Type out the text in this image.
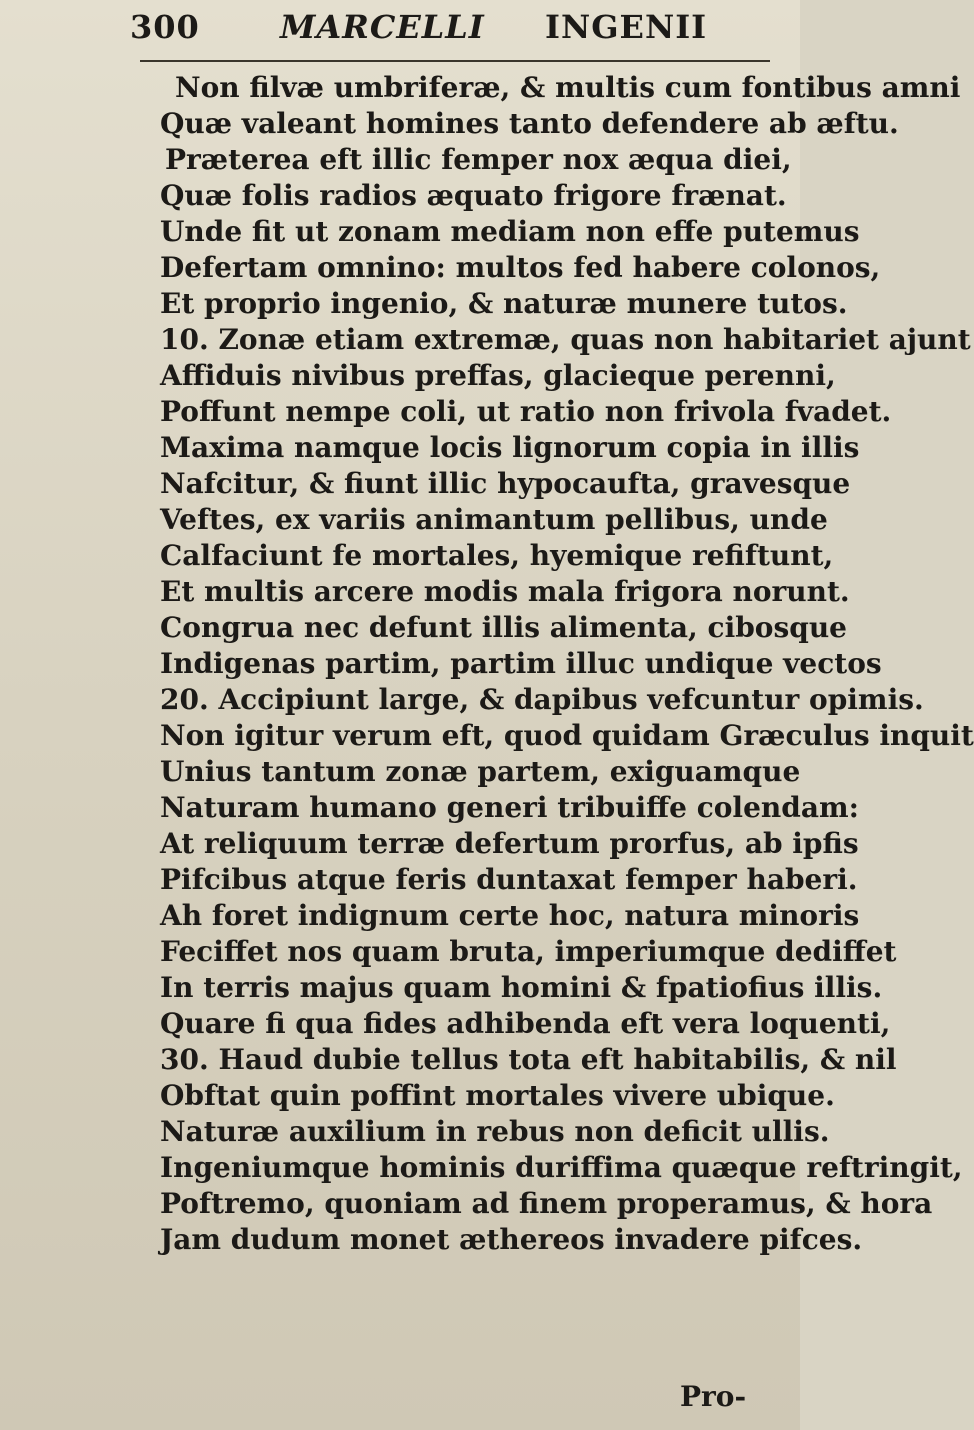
300	MARCELLI INGENII
Non filvæ umbriferæ, & multis cum fontibus amni
Quæ valeant homines tanto defendere ab æftu.
Præterea eft illic femper nox æqua diei,
Quæ folis radios æquato frigore frænat.
Unde fit ut zonam mediam non effe putemus
Defertam omnino: multos fed habere colonos,
Et proprio ingenio, & naturæ munere tutos.
10. Zonæ etiam extremæ, quas non habitariet ajunt
Affiduis nivibus preffas, glacieque perenni,
Poffunt nempe coli, ut ratio non frivola fvadet.
Maxima namque locis lignorum copia in illis
Nafcitur, & fiunt illic hypocaufta, gravesque
Veftes, ex variis animantum pellibus, unde
Calfaciunt fe mortales, hyemique refiftunt,
Et multis arcere modis mala frigora norunt.
Congrua nec defunt illis alimenta, cibosque
Indigenas partim, partim illuc undique vectos
20. Accipiunt large, & dapibus vefcuntur opimis.
Non igitur verum eft, quod quidam Græculus inquit
Unius tantum zonæ partem, exiguamque
Naturam humano generi tribuiffe colendam:
At reliquum terræ defertum prorfus, ab ipfis
Pifcibus atque feris duntaxat femper haberi.
Ah foret indignum certe hoc, natura minoris
Feciffet nos quam bruta, imperiumque dediffet
In terris majus quam homini & fpatiofius illis.
Quare fi qua fides adhibenda eft vera loquenti,
30. Haud dubie tellus tota eft habitabilis, & nil
Obftat quin poffint mortales vivere ubique.
Naturæ auxilium in rebus non deficit ullis.
Ingeniumque hominis duriffima quæque reftringit,
Poftremo, quoniam ad finem properamus, & hora
Jam dudum monet æthereos invadere pifces.
Pro-
